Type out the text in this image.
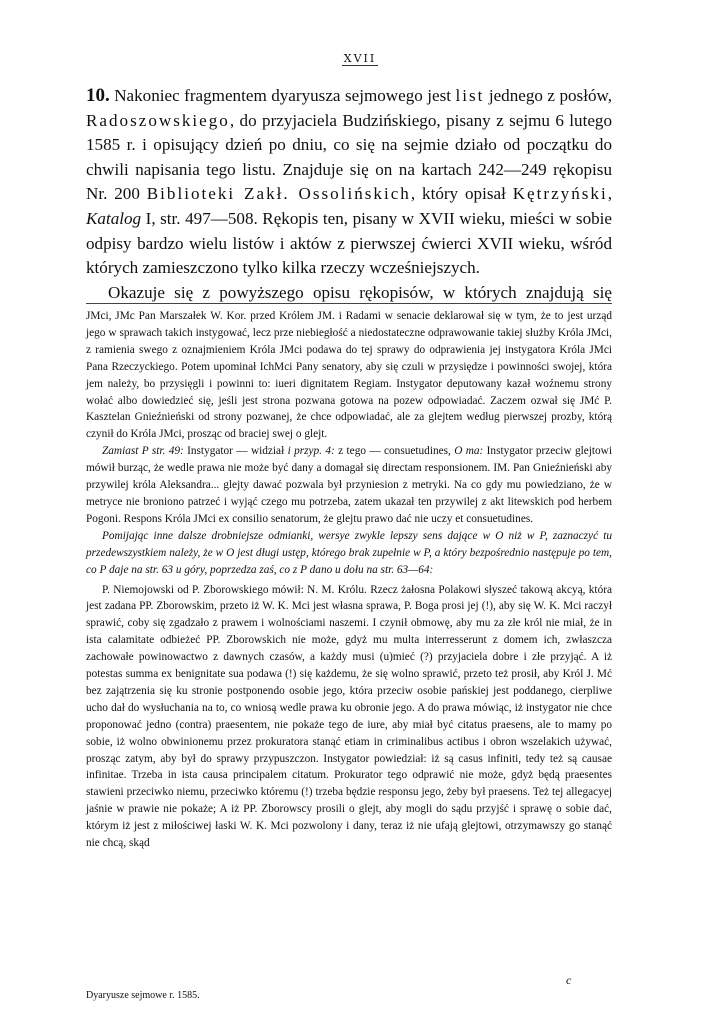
XVII

10. Nakoniec fragmentem dyaryusza sejmowego jest list jednego z posłów, Radoszowskiego, do przyjaciela Budzińskiego, pisany z sejmu 6 lutego 1585 r. i opisujący dzień po dniu, co się na sejmie działo od początku do chwili napisania tego listu. Znajduje się on na kartach 242—249 rękopisu Nr. 200 Biblioteki Zakł. Ossolińskich, który opisał Kętrzyński, Katalog I, str. 497—508. Rękopis ten, pisany w XVII wieku, mieści w sobie odpisy bardzo wielu listów i aktów z pierwszej ćwierci XVII wieku, wśród których zamieszczono tylko kilka rzeczy wcześniejszych.

Okazuje się z powyższego opisu rękopisów, w których znajdują się

JMci, JMc Pan Marszałek W. Kor. przed Królem JM. i Radami w senacie deklarował się w tym, że to jest urząd jego w sprawach takich instygować, lecz prze niebiegłość a niedostateczne odprawowanie takiej służby Króla JMci, z ramienia swego z oznajmieniem Króla JMci podawa do tej sprawy do odprawienia jej instygatora Króla JMci Pana Rzeczyckiego. Potem upominał IchMci Pany senatory, aby się czuli w przysiędze i powinności swojej, która jem należy, bo przysięgli i powinni to: iueri dignitatem Regiam. Instygator deputowany kazał woźnemu strony wołać albo dowiedzieć się, jeśli jest strona pozwana gotowa na pozew odpowiadać. Zaczem ozwał się JMć P. Kasztelan Gnieźnieński od strony pozwanej, że chce odpowiadać, ale za glejtem według pierwszej prozby, którą czynił do Króla JMci, prosząc od braciej swej o glejt.

Zamiast P str. 49: Instygator — widział i przyp. 4: z tego — consuetudines, O ma: Instygator przeciw glejtowi mówił burząc, że wedle prawa nie może być dany a domagał się directam responsionem. IM. Pan Gnieźnieński aby przywilej króla Aleksandra... glejty dawać pozwala był przyniesion z metryki. Na co gdy mu powiedziano, że w metryce nie broniono patrzeć i wyjąć czego mu potrzeba, zatem ukazał ten przywilej z akt litewskich pod herbem Pogoni. Respons Króla JMci ex consilio senatorum, że glejtu prawo dać nie uczy et consuetudines.

Pomijając inne dalsze drobniejsze odmianki, wersye zwykle lepszy sens dające w O niż w P, zaznaczyć tu przedewszystkiem należy, że w O jest długi ustęp, którego brak zupełnie w P, a który bezpośrednio następuje po tem, co P daje na str. 63 u góry, poprzedza zaś, co z P dano u dołu na str. 63—64:

P. Niemojowski od P. Zborowskiego mówił: N. M. Królu. Rzecz żałosna Polakowi słyszeć takową akcyą, która jest zadana PP. Zborowskim, przeto iż W. K. Mci jest własna sprawa, P. Boga prosi jej (!), aby się W. K. Mci raczył sprawić, coby się zgadzało z prawem i wolnościami naszemi. I czynił obmowę, aby mu za złe król nie miał, że in ista calamitate odbieżeć PP. Zborowskich nie może, gdyż mu multa interresserunt z domem ich, zwłaszcza zachowałe powinowactwo z dawnych czasów, a każdy musi (u)mieć (?) przyjaciela dobre i złe przyjąć. A iż potestas summa ex benignitate sua podawa (!) się każdemu, że się wolno sprawić, przeto też prosił, aby Król J. Mć bez zajątrzenia się ku stronie postponendo osobie jego, która przeciw osobie pańskiej jest poddanego, cierpliwe ucho dał do wysłuchania na to, co wniosą wedle prawa ku obronie jego. A do prawa mówiąc, iż instygator nie chce proponować jedno (contra) praesentem, nie pokaże tego de iure, aby miał być citatus praesens, ale to mamy po sobie, iż wolno obwinionemu przez prokuratora stanąć etiam in criminalibus actibus i obron wszelakich używać, prosząc zatym, aby był do sprawy przypuszczon. Instygator powiedział: iż są casus infiniti, tedy też są causae infinitae. Trzeba in ista causa principalem citatum. Prokurator tego odprawić nie może, gdyż będą praesentes stawieni przeciwko niemu, przeciwko któremu (!) trzeba będzie responsu jego, żeby był praesens. Też tej allegacyej jaśnie w prawie nie pokaże; A iż PP. Zborowscy prosili o glejt, aby mogli do sądu przyjść i sprawę o sobie dać, którym iż jest z miłościwej łaski W. K. Mci pozwolony i dany, teraz iż nie ufają glejtowi, otrzymawszy go stanąć nie chcą, skąd

c
Dyaryusze sejmowe r. 1585.
